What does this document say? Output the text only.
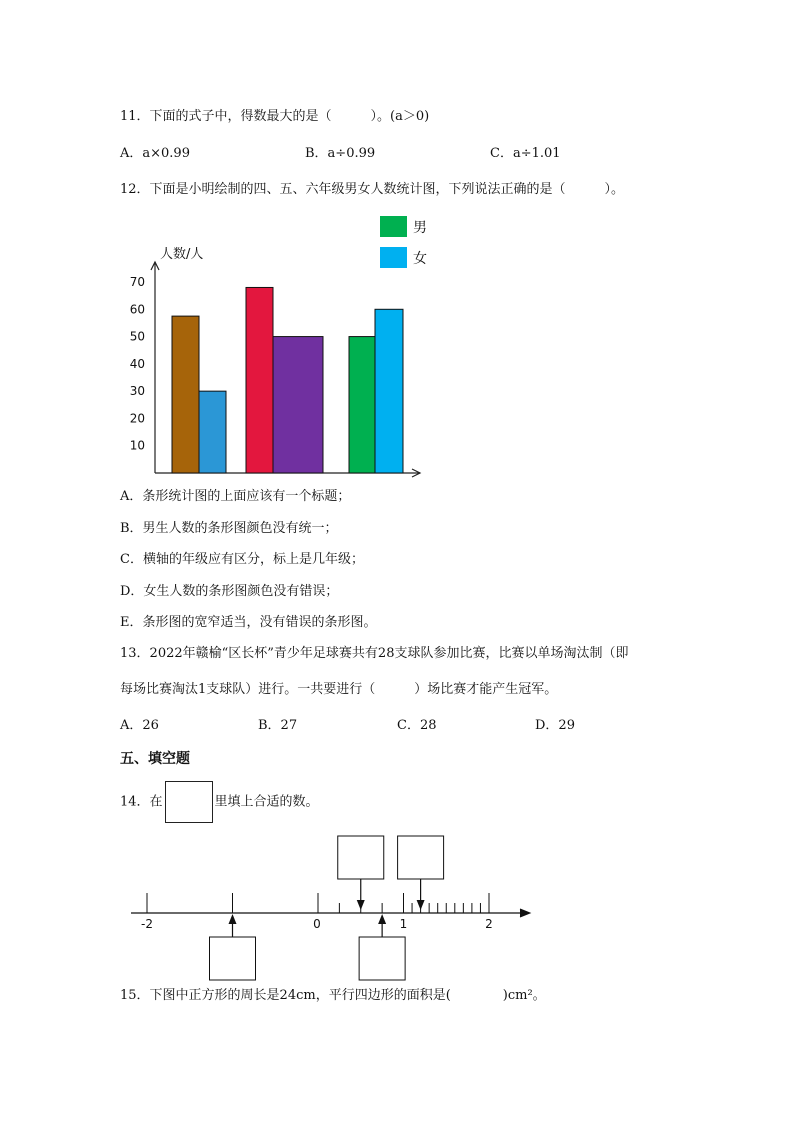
11．下面的式子中，得数最大的是（　　　）。(a＞0)
A．a×0.99	B．a÷0.99	C．a÷1.01
12．下面是小明绘制的四、五、六年级男女人数统计图，下列说法正确的是（　　　）。
人数/人
10
20
30
40
50
60
70
男
女
A．条形统计图的上面应该有一个标题；
B．男生人数的条形图颜色没有统一；
C．横轴的年级应有区分，标上是几年级；
D．女生人数的条形图颜色没有错误；
E．条形图的宽窄适当，没有错误的条形图。
13．2022年赣榆“区长杯”青少年足球赛共有28支球队参加比赛，比赛以单场淘汰制（即
每场比赛淘汰1支球队）进行。一共要进行（　　　）场比赛才能产生冠军。
A．26	B．27	C．28	D．29
五、填空题
14．在	里填上合适的数。
-2	0	1	2
15．下图中正方形的周长是24cm，平行四边形的面积是(　　　　)cm²。
